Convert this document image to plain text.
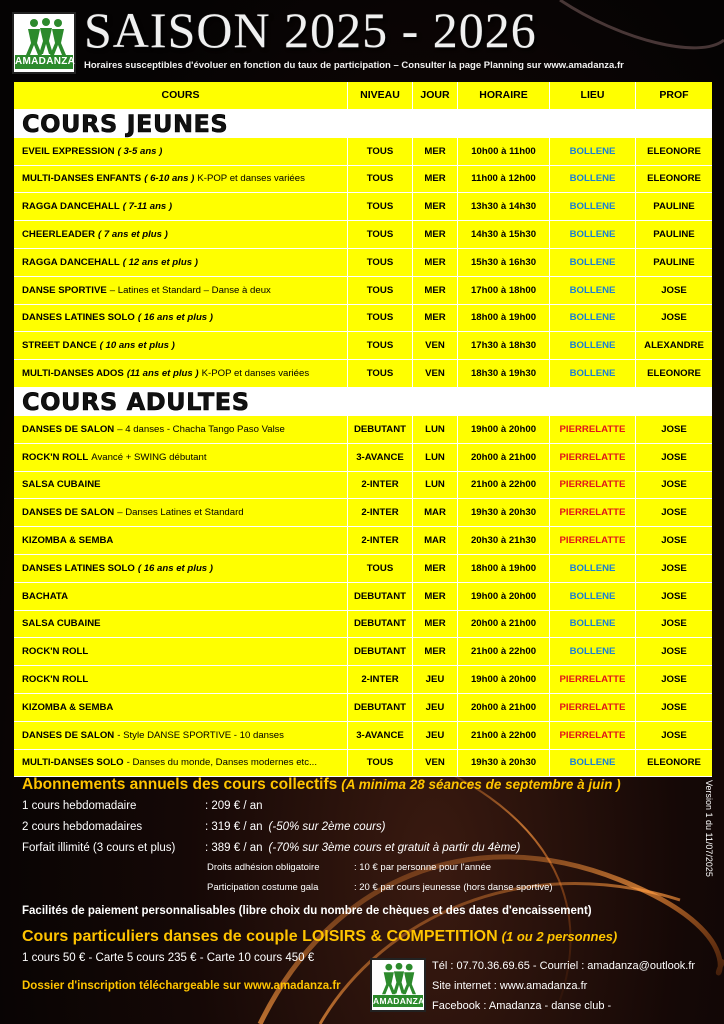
AMADANZA
SAISON 2025 - 2026
Horaires susceptibles d'évoluer en fonction du taux de participation – Consulter la page Planning sur www.amadanza.fr
COURS	NIVEAU	JOUR	HORAIRE	LIEU	PROF
COURS JEUNES
EVEIL EXPRESSION ( 3-5 ans )	TOUS	MER	10h00 à 11h00	BOLLENE	ELEONORE
MULTI-DANSES ENFANTS ( 6-10 ans ) K-POP et danses variées	TOUS	MER	11h00 à 12h00	BOLLENE	ELEONORE
RAGGA DANCEHALL ( 7-11 ans )	TOUS	MER	13h30 à 14h30	BOLLENE	PAULINE
CHEERLEADER ( 7 ans et plus )	TOUS	MER	14h30 à 15h30	BOLLENE	PAULINE
RAGGA DANCEHALL ( 12 ans et plus )	TOUS	MER	15h30 à 16h30	BOLLENE	PAULINE
DANSE SPORTIVE – Latines et Standard – Danse à deux	TOUS	MER	17h00 à 18h00	BOLLENE	JOSE
DANSES LATINES SOLO ( 16 ans et plus )	TOUS	MER	18h00 à 19h00	BOLLENE	JOSE
STREET DANCE ( 10 ans et plus )	TOUS	VEN	17h30 à 18h30	BOLLENE	ALEXANDRE
MULTI-DANSES ADOS (11 ans et plus ) K-POP et danses variées	TOUS	VEN	18h30 à 19h30	BOLLENE	ELEONORE
COURS ADULTES
DANSES DE SALON – 4 danses - Chacha Tango Paso Valse	DEBUTANT	LUN	19h00 à 20h00	PIERRELATTE	JOSE
ROCK'N ROLL Avancé + SWING débutant	3-AVANCE	LUN	20h00 à 21h00	PIERRELATTE	JOSE
SALSA CUBAINE	2-INTER	LUN	21h00 à 22h00	PIERRELATTE	JOSE
DANSES DE SALON – Danses Latines et Standard	2-INTER	MAR	19h30 à 20h30	PIERRELATTE	JOSE
KIZOMBA & SEMBA	2-INTER	MAR	20h30 à 21h30	PIERRELATTE	JOSE
DANSES LATINES SOLO ( 16 ans et plus )	TOUS	MER	18h00 à 19h00	BOLLENE	JOSE
BACHATA	DEBUTANT	MER	19h00 à 20h00	BOLLENE	JOSE
SALSA CUBAINE	DEBUTANT	MER	20h00 à 21h00	BOLLENE	JOSE
ROCK'N ROLL	DEBUTANT	MER	21h00 à 22h00	BOLLENE	JOSE
ROCK'N ROLL	2-INTER	JEU	19h00 à 20h00	PIERRELATTE	JOSE
KIZOMBA & SEMBA	DEBUTANT	JEU	20h00 à 21h00	PIERRELATTE	JOSE
DANSES DE SALON - Style DANSE SPORTIVE - 10 danses	3-AVANCE	JEU	21h00 à 22h00	PIERRELATTE	JOSE
MULTI-DANSES SOLO - Danses du monde, Danses modernes etc...	TOUS	VEN	19h30 à 20h30	BOLLENE	ELEONORE
Version 1 du 11/07/2025
Abonnements annuels des cours collectifs (A minima 28 séances de septembre à juin )
1 cours hebdomadaire	: 209 € / an
2 cours hebdomadaires	: 319 € / an (-50% sur 2ème cours)
Forfait illimité (3 cours et plus)	: 389 € / an (-70% sur 3ème cours et gratuit à partir du 4ème)
Droits adhésion obligatoire	: 10 € par personne pour l'année
Participation costume gala	: 20 € par cours jeunesse (hors danse sportive)
Facilités de paiement personnalisables (libre choix du nombre de chèques et des dates d'encaissement)
Cours particuliers danses de couple LOISIRS & COMPETITION (1 ou 2 personnes)
1 cours 50 € - Carte 5 cours 235 € - Carte 10 cours 450 €
Dossier d'inscription téléchargeable sur www.amadanza.fr
AMADANZA
Tél : 07.70.36.69.65 - Courriel : amadanza@outlook.fr
Site internet : www.amadanza.fr
Facebook : Amadanza - danse club -
